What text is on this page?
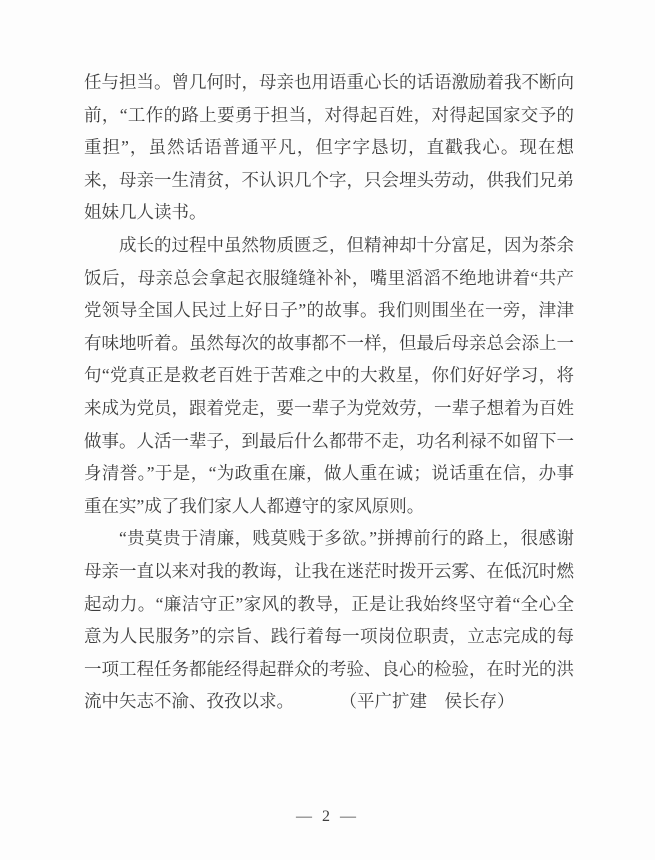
任与担当。曾几何时，母亲也用语重心长的话语激励着我不断向前，“工作的路上要勇于担当，对得起百姓，对得起国家交予的重担”，虽然话语普通平凡，但字字恳切，直戳我心。现在想来，母亲一生清贫，不认识几个字，只会埋头劳动，供我们兄弟姐妹几人读书。

成长的过程中虽然物质匮乏，但精神却十分富足，因为茶余饭后，母亲总会拿起衣服缝缝补补，嘴里滔滔不绝地讲着“共产党领导全国人民过上好日子”的故事。我们则围坐在一旁，津津有味地听着。虽然每次的故事都不一样，但最后母亲总会添上一句“党真正是救老百姓于苦难之中的大救星，你们好好学习，将来成为党员，跟着党走，要一辈子为党效劳，一辈子想着为百姓做事。人活一辈子，到最后什么都带不走，功名利禄不如留下一身清誉。”于是，“为政重在廉，做人重在诚；说话重在信，办事重在实”成了我们家人人都遵守的家风原则。

“贵莫贵于清廉，贱莫贱于多欲。”拼搏前行的路上，很感谢母亲一直以来对我的教诲，让我在迷茫时拨开云雾、在低沉时燃起动力。“廉洁守正”家风的教导，正是让我始终坚守着“全心全意为人民服务”的宗旨、践行着每一项岗位职责，立志完成的每一项工程任务都能经得起群众的考验、良心的检验，在时光的洪流中矢志不渝、孜孜以求。	（平广扩建　侯长存）

— 2 —
